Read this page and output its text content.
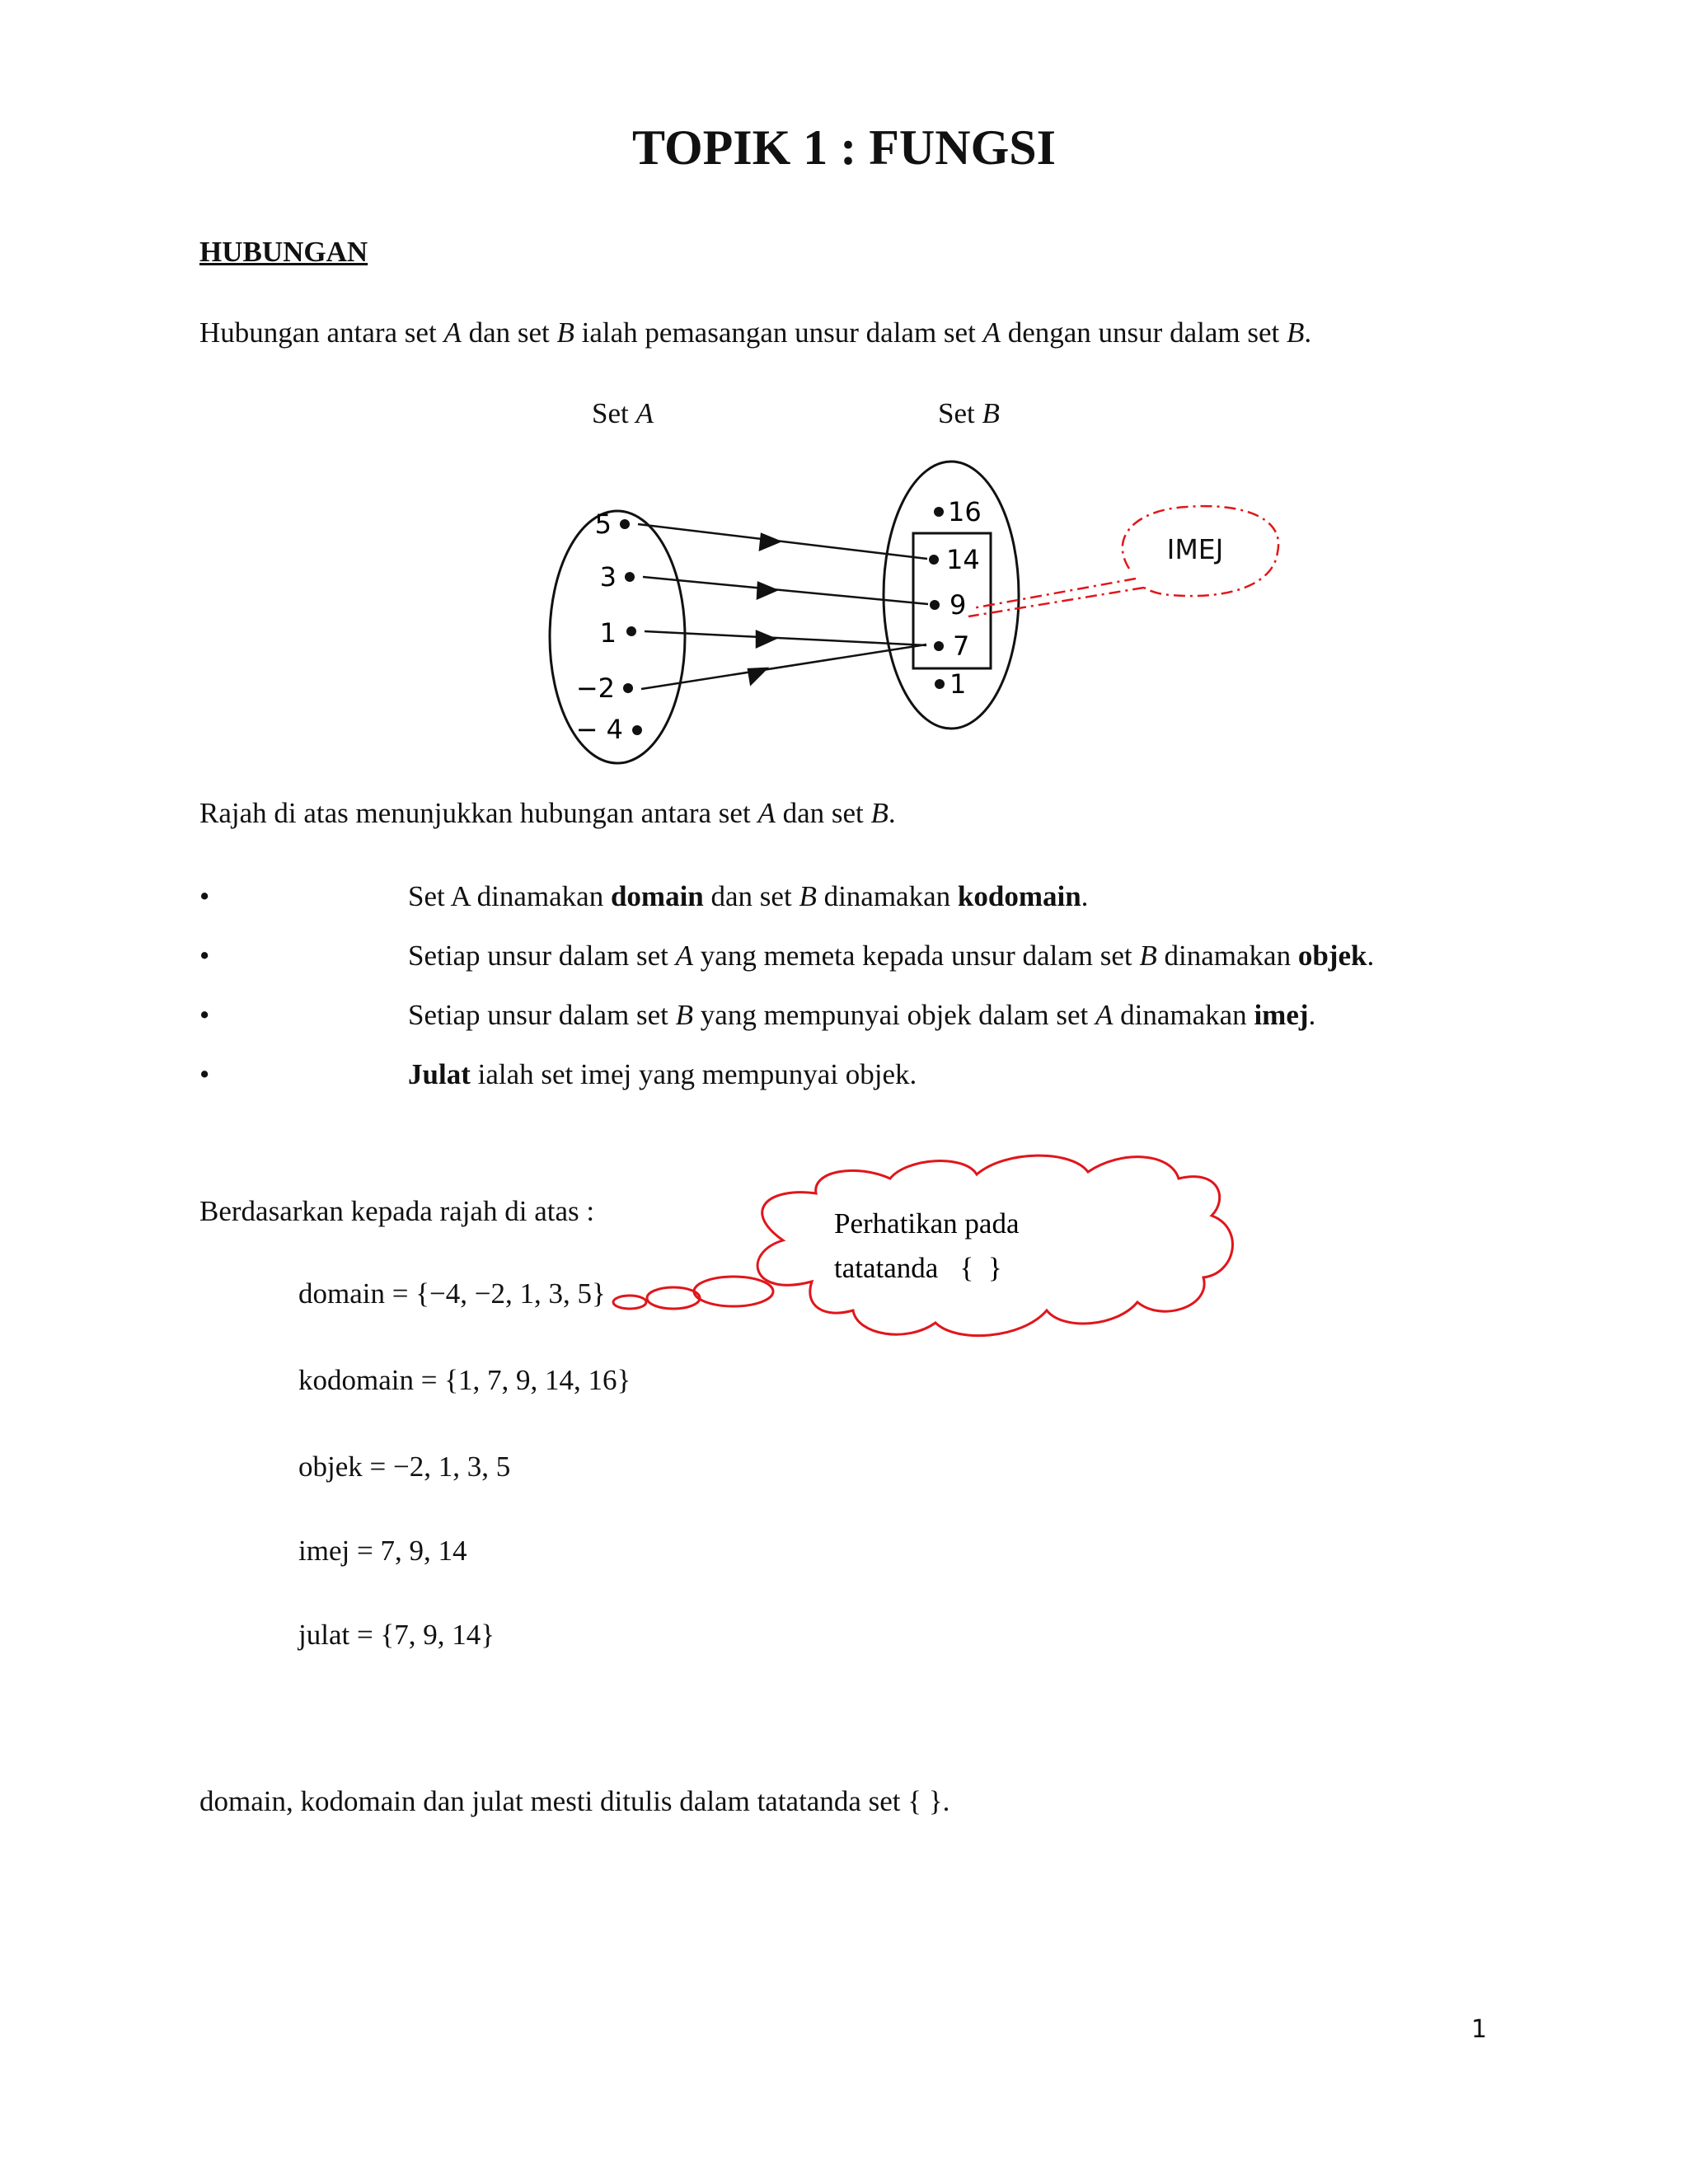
TOPIK 1 : FUNGSI
HUBUNGAN
Hubungan antara set A dan set B ialah pemasangan unsur dalam set A dengan unsur dalam set B.
Set A	Set B
5
3
1
−2
− 4
16
14
9
7
1
IMEJ
Perhatikan pada
tatatanda   {  }
Rajah di atas menunjukkan hubungan antara set A dan set B.
•	Set A dinamakan domain dan set B dinamakan kodomain.
•	Setiap unsur dalam set A yang memeta kepada unsur dalam set B dinamakan objek.
•	Setiap unsur dalam set B yang mempunyai objek dalam set A dinamakan imej.
•	Julat ialah set imej yang mempunyai objek.
Berdasarkan kepada rajah di atas :
domain = {−4, −2, 1, 3, 5}
kodomain = {1, 7, 9, 14, 16}
objek = −2, 1, 3, 5
imej = 7, 9, 14
julat = {7, 9, 14}
domain, kodomain dan julat mesti ditulis dalam tatatanda set { }.
1
